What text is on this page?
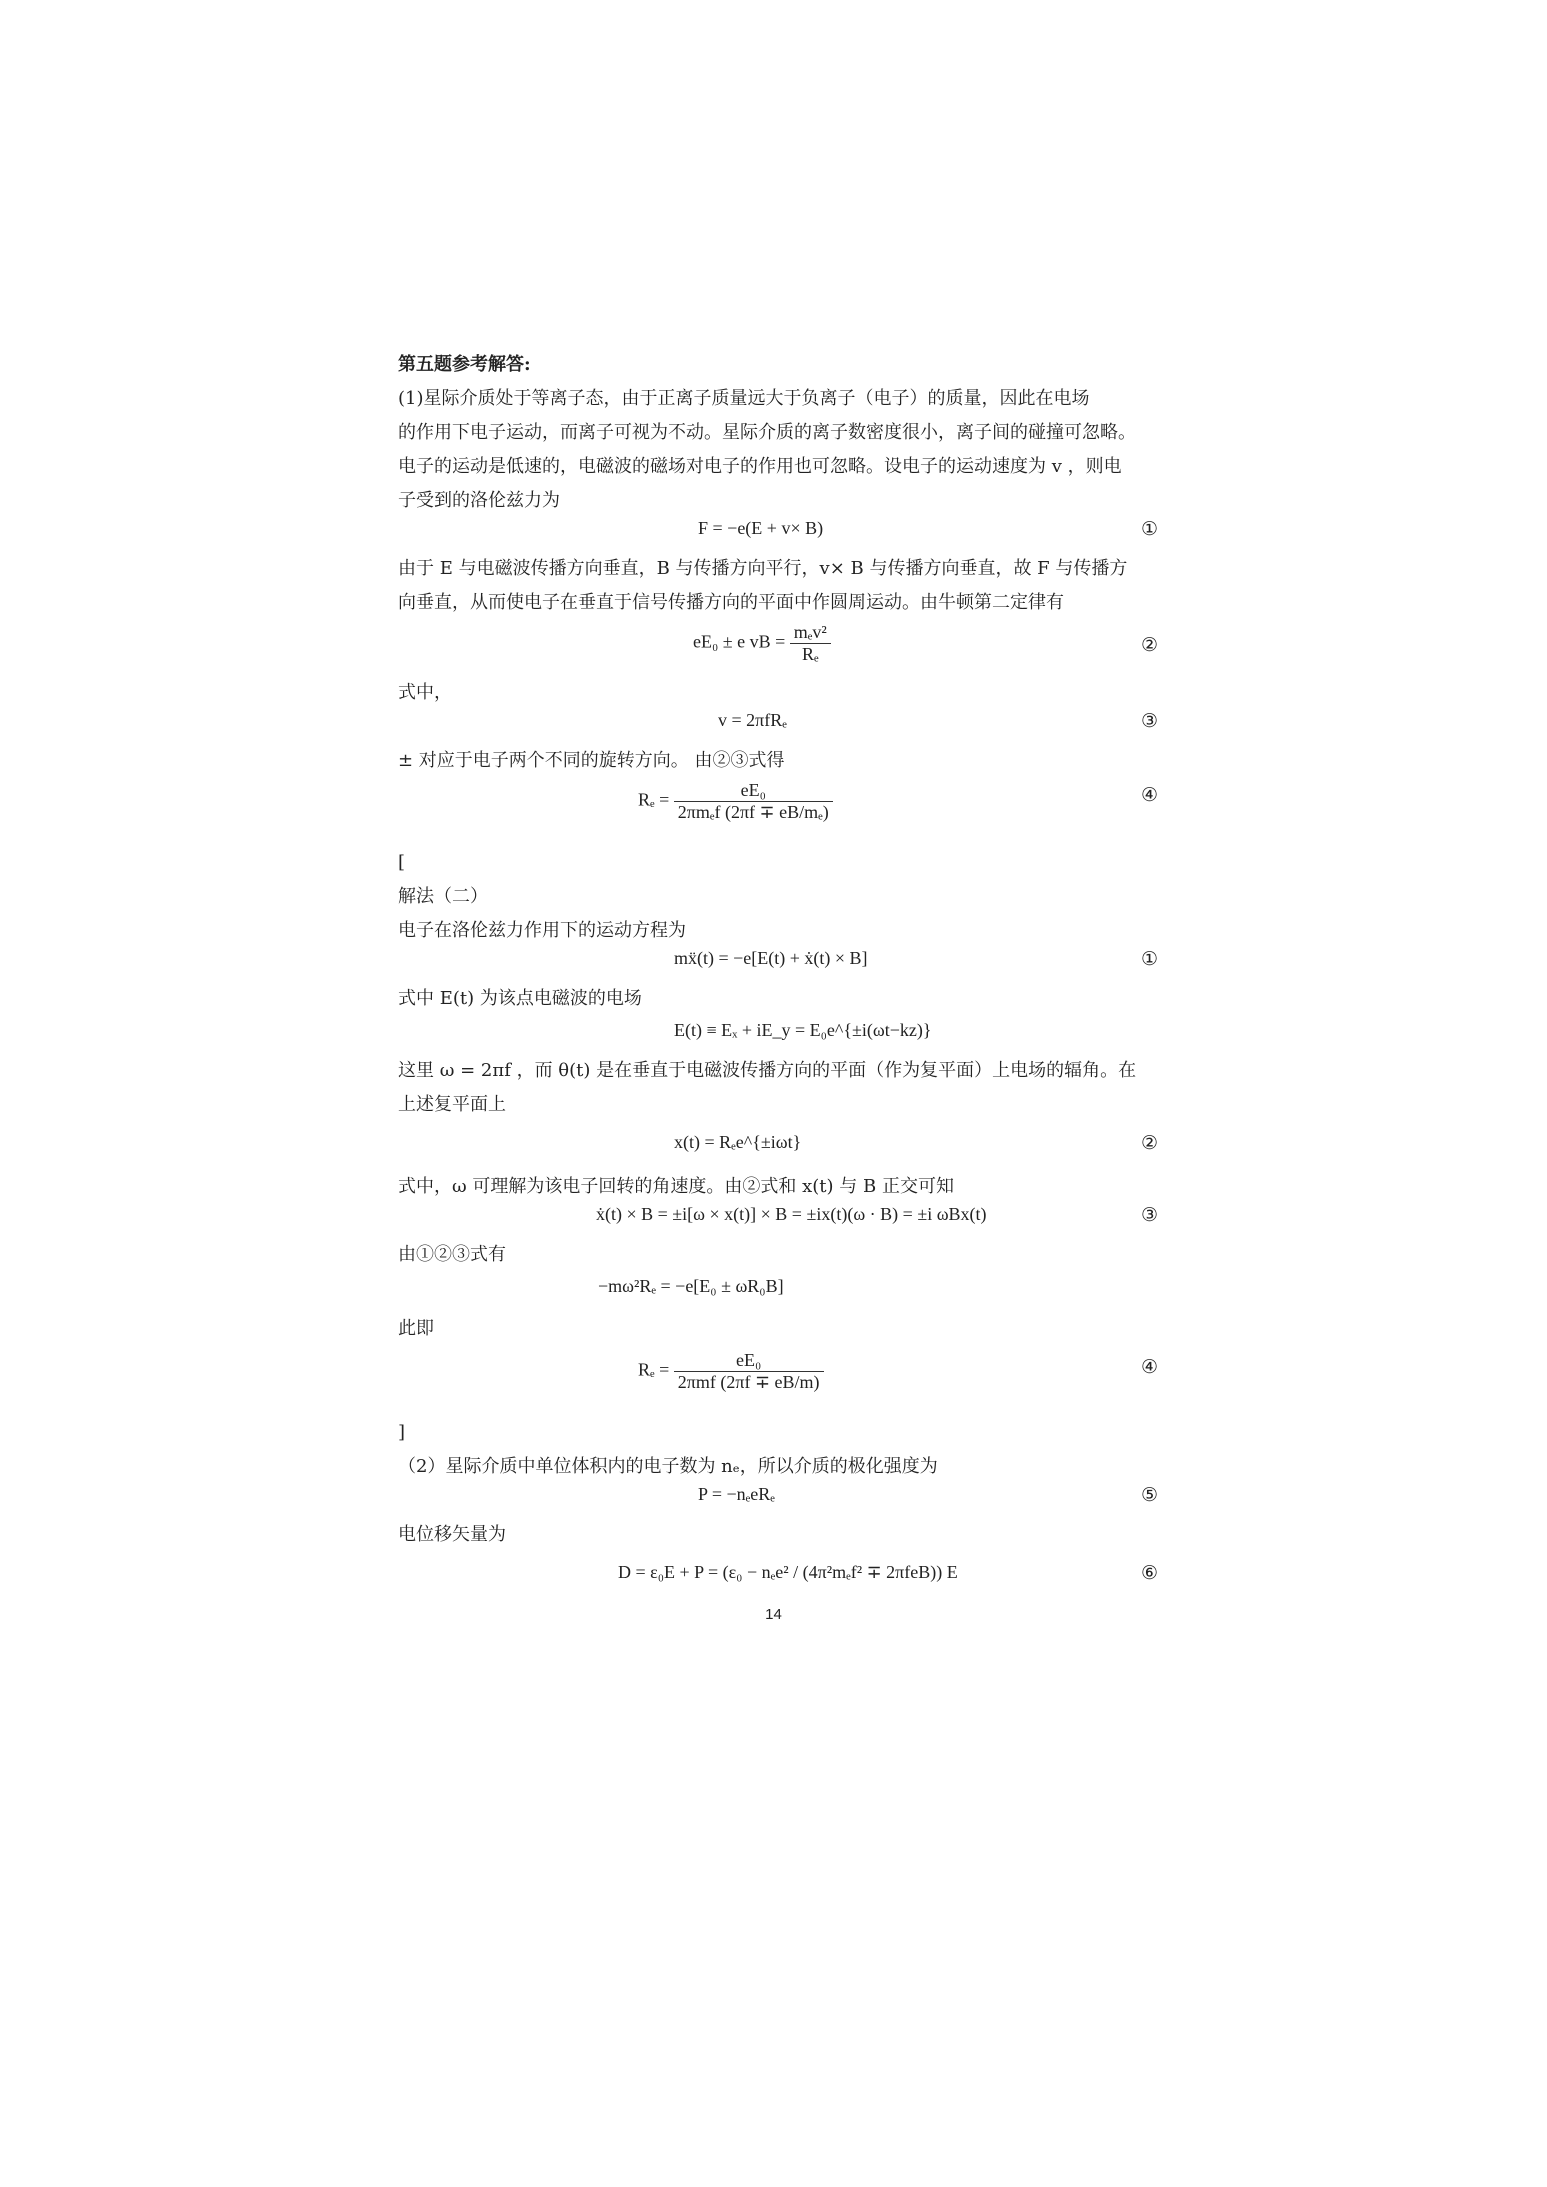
第五题参考解答:
(1)星际介质处于等离子态，由于正离子质量远大于负离子（电子）的质量，因此在电场
的作用下电子运动，而离子可视为不动。星际介质的离子数密度很小，离子间的碰撞可忽略。
电子的运动是低速的，电磁波的磁场对电子的作用也可忽略。设电子的运动速度为 v ，则电
子受到的洛伦兹力为
F = −e(E + v× B)	①
由于 E 与电磁波传播方向垂直，B 与传播方向平行，v× B 与传播方向垂直，故 F 与传播方
向垂直，从而使电子在垂直于信号传播方向的平面中作圆周运动。由牛顿第二定律有
eE₀ ± e vB = $\frac{\text{mₑv²}}{\text{Rₑ}}$	②
式中，
v = 2πfRₑ	③
± 对应于电子两个不同的旋转方向。 由②③式得
$R_e = \frac{\text{eE₀}}{\text{2πmₑf (2πf ∓ eB/mₑ)}}$	④
[
解法（二）
电子在洛伦兹力作用下的运动方程为
mẍ(t) = −e[E(t) + ẋ(t) × B]	①
式中 E(t) 为该点电磁波的电场
E(t) ≡ Eₓ + iE_y = E₀e^{±i(ωt−kz)}
这里 ω = 2πf ，而 θ(t) 是在垂直于电磁波传播方向的平面（作为复平面）上电场的辐角。在
上述复平面上
x(t) = Rₑe^{±iωt}	②
式中，ω 可理解为该电子回转的角速度。由②式和 x(t) 与 B 正交可知
ẋ(t) × B = ±i[ω × x(t)] × B = ±ix(t)(ω · B) = ±i ωBx(t)	③
由①②③式有
−mω²Rₑ = −e[E₀ ± ωR₀B]
此即
$R_e = \frac{\text{eE₀}}{\text{2πmf (2πf ∓ eB/m)}}$	④
]
（2）星际介质中单位体积内的电子数为 nₑ，所以介质的极化强度为
P = −nₑeRₑ	⑤
电位移矢量为
D = ε₀E + P = (ε₀ − nₑe² / (4π²mₑf² ∓ 2πfeB)) E	⑥
14
